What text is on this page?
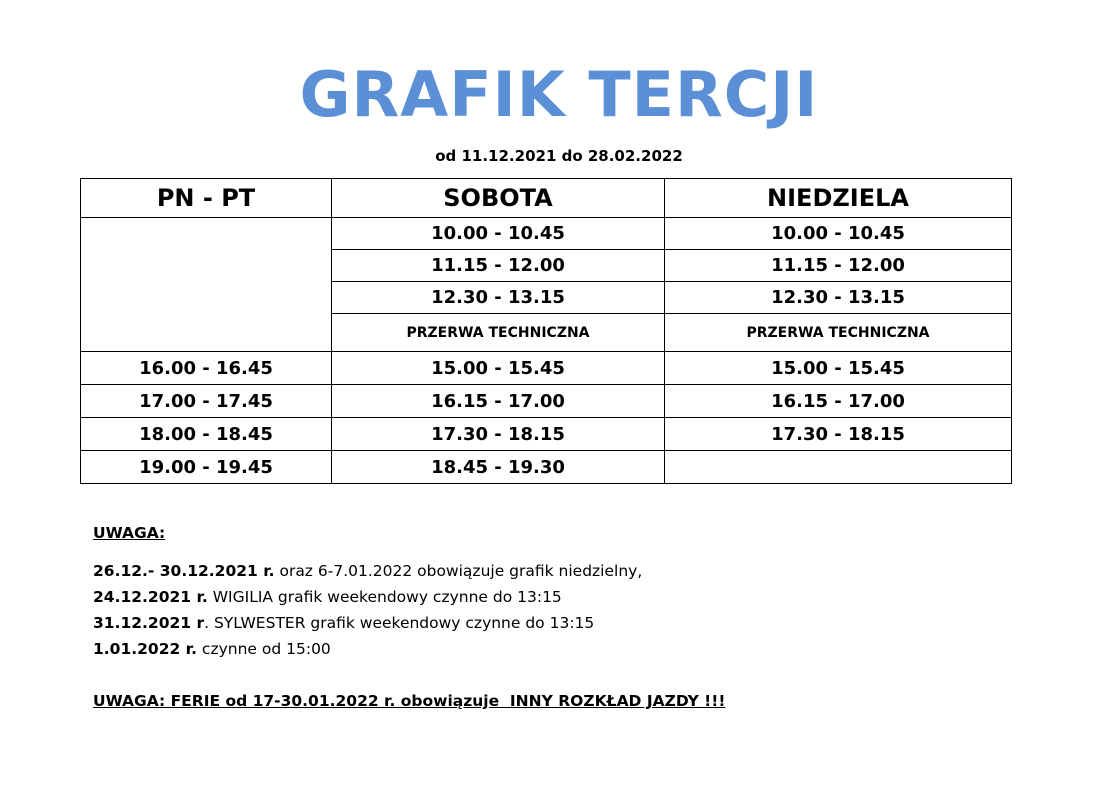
GRAFIK TERCJI
od 11.12.2021 do 28.02.2022
PN - PT	SOBOTA	NIEDZIELA
	10.00 - 10.45	10.00 - 10.45
	11.15 - 12.00	11.15 - 12.00
	12.30 - 13.15	12.30 - 13.15
	PRZERWA TECHNICZNA	PRZERWA TECHNICZNA
16.00 - 16.45	15.00 - 15.45	15.00 - 15.45
17.00 - 17.45	16.15 - 17.00	16.15 - 17.00
18.00 - 18.45	17.30 - 18.15	17.30 - 18.15
19.00 - 19.45	18.45 - 19.30	

UWAGA:

26.12.- 30.12.2021 r. oraz 6-7.01.2022 obowiązuje grafik niedzielny,

24.12.2021 r. WIGILIA grafik weekendowy czynne do 13:15

31.12.2021 r. SYLWESTER grafik weekendowy czynne do 13:15

1.01.2022 r. czynne od 15:00

UWAGA: FERIE od 17-30.01.2022 r. obowiązuje  INNY ROZKŁAD JAZDY !!!
